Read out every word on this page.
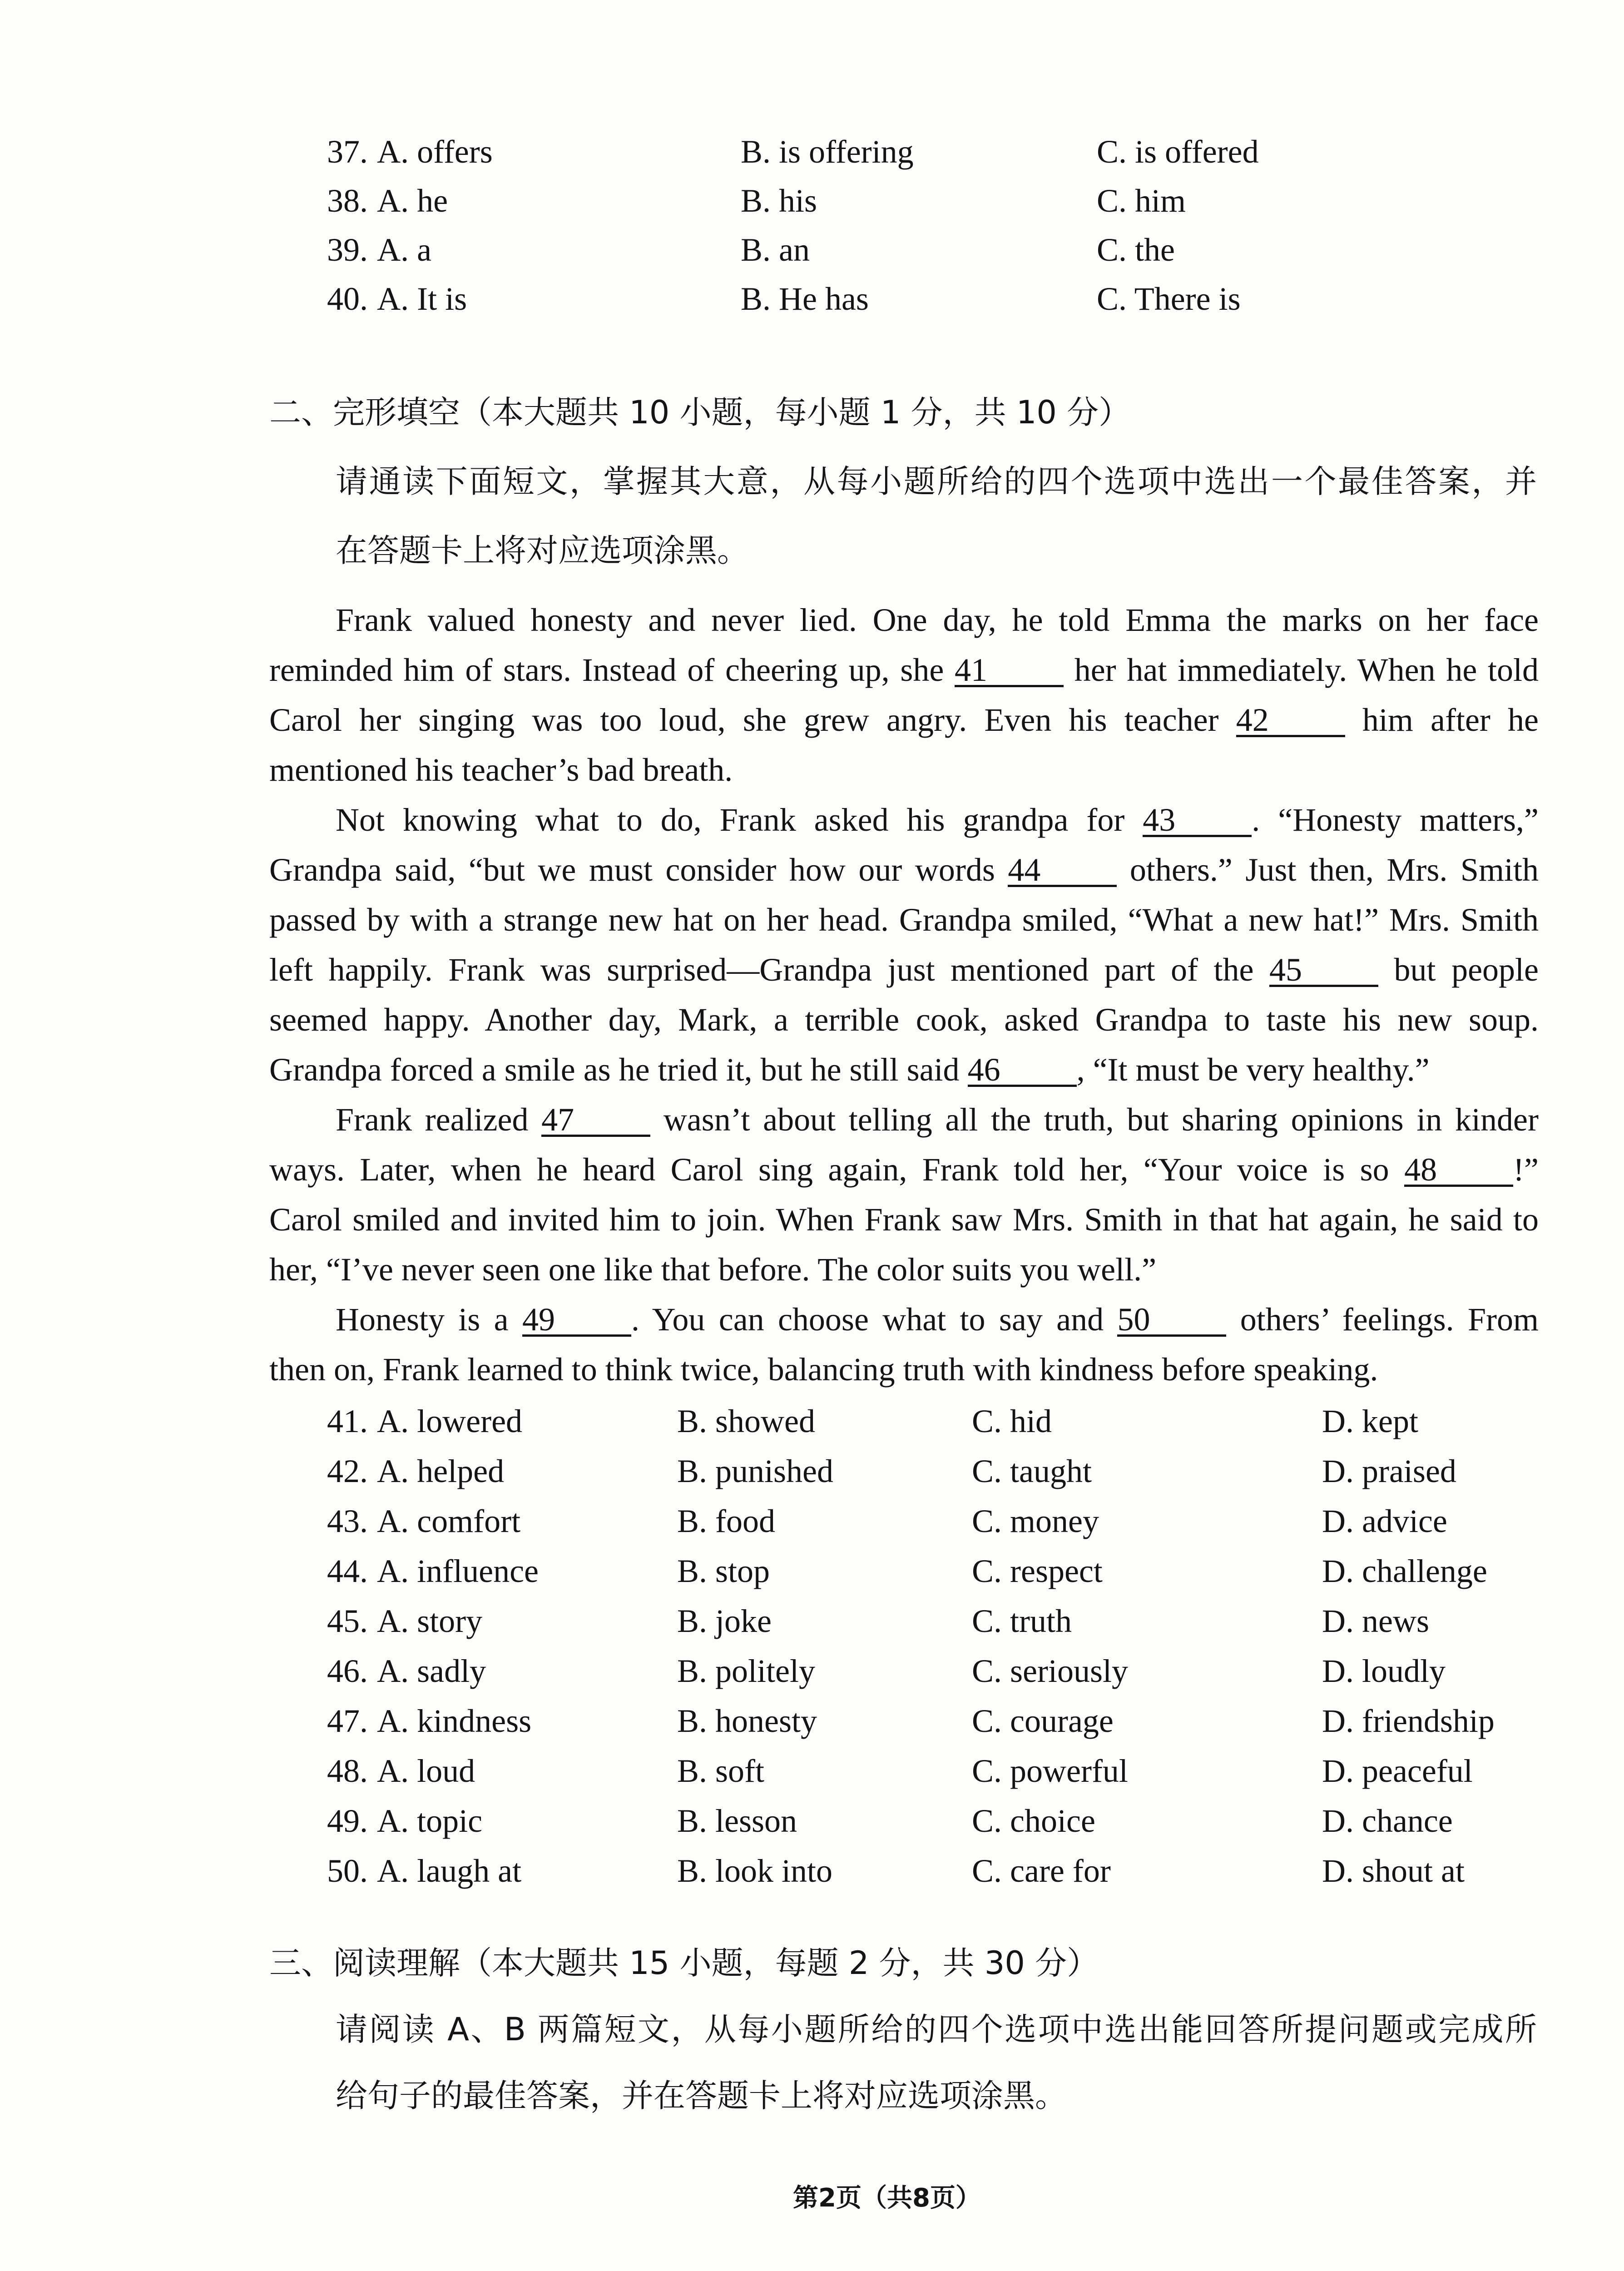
37. A. offers	B. is offering	C. is offered
38. A. he	B. his	C. him
39. A. a	B. an	C. the
40. A. It is	B. He has	C. There is
二、完形填空（本大题共 10 小题，每小题 1 分，共 10 分）
请通读下面短文，掌握其大意，从每小题所给的四个选项中选出一个最佳答案，并
在答题卡上将对应选项涂黑。
Frank valued honesty and never lied. One day, he told Emma the marks on her face
reminded him of stars. Instead of cheering up, she 41 her hat immediately. When he told
Carol her singing was too loud, she grew angry. Even his teacher 42 him after he
mentioned his teacher’s bad breath.
Not knowing what to do, Frank asked his grandpa for 43 . “Honesty matters,”
Grandpa said, “but we must consider how our words 44 others.” Just then, Mrs. Smith
passed by with a strange new hat on her head. Grandpa smiled, “What a new hat!” Mrs. Smith
left happily. Frank was surprised—Grandpa just mentioned part of the 45 but people
seemed happy. Another day, Mark, a terrible cook, asked Grandpa to taste his new soup.
Grandpa forced a smile as he tried it, but he still said 46 , “It must be very healthy.”
Frank realized 47 wasn’t about telling all the truth, but sharing opinions in kinder
ways. Later, when he heard Carol sing again, Frank told her, “Your voice is so 48 !”
Carol smiled and invited him to join. When Frank saw Mrs. Smith in that hat again, he said to
her, “I’ve never seen one like that before. The color suits you well.”
Honesty is a 49 . You can choose what to say and 50 others’ feelings. From
then on, Frank learned to think twice, balancing truth with kindness before speaking.
41. A. lowered	B. showed	C. hid	D. kept
42. A. helped	B. punished	C. taught	D. praised
43. A. comfort	B. food	C. money	D. advice
44. A. influence	B. stop	C. respect	D. challenge
45. A. story	B. joke	C. truth	D. news
46. A. sadly	B. politely	C. seriously	D. loudly
47. A. kindness	B. honesty	C. courage	D. friendship
48. A. loud	B. soft	C. powerful	D. peaceful
49. A. topic	B. lesson	C. choice	D. chance
50. A. laugh at	B. look into	C. care for	D. shout at
三、阅读理解（本大题共 15 小题，每题 2 分，共 30 分）
请阅读 A、B 两篇短文，从每小题所给的四个选项中选出能回答所提问题或完成所
给句子的最佳答案，并在答题卡上将对应选项涂黑。
第2页（共8页）
